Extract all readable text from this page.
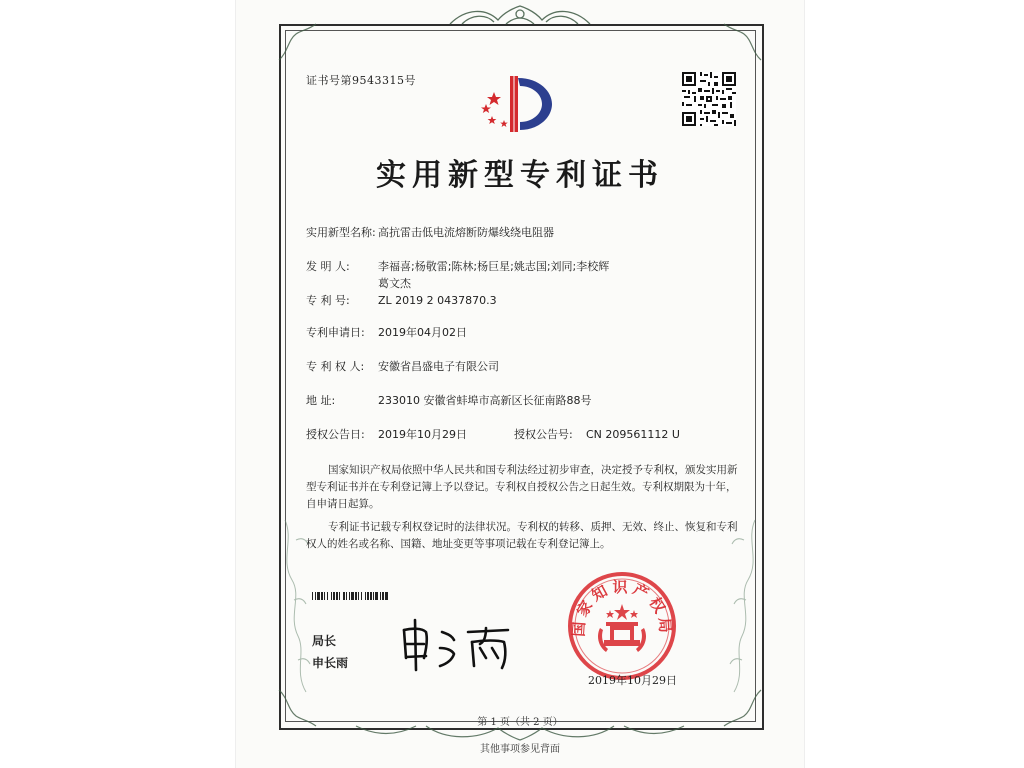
证书号第9543315号
实用新型专利证书
实用新型名称: 高抗雷击低电流熔断防爆线绕电阻器
发 明 人:	李福喜;杨敬雷;陈林;杨巨星;姚志国;刘同;李校辉
葛文杰
专 利 号:	ZL 2019 2 0437870.3
专利申请日: 2019年04月02日
专 利 权 人: 安徽省昌盛电子有限公司
地 址:	233010 安徽省蚌埠市高新区长征南路88号
授权公告日: 2019年10月29日	授权公告号: CN 209561112 U

国家知识产权局依照中华人民共和国专利法经过初步审查，决定授予专利权，颁发实用新型专利证书并在专利登记簿上予以登记。专利权自授权公告之日起生效。专利权期限为十年，自申请日起算。

专利证书记载专利权登记时的法律状况。专利权的转移、质押、无效、终止、恢复和专利权人的姓名或名称、国籍、地址变更等事项记载在专利登记簿上。

局长
申长雨
国家知识产权局
2019年10月29日
第 1 页（共 2 页）
其他事项参见背面
